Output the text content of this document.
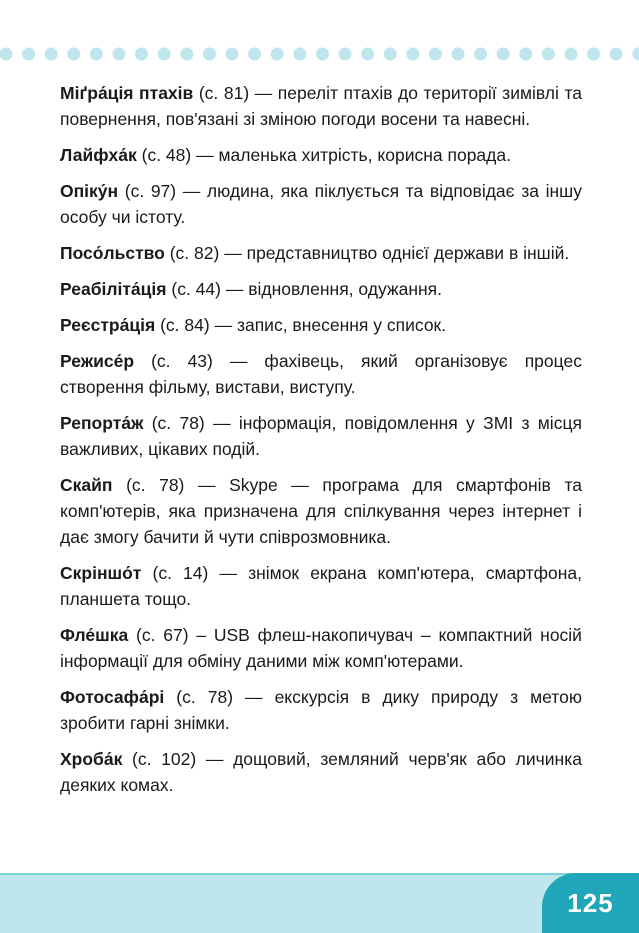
Міґра́ція птахів (с. 81) — переліт птахів до території зимівлі та повернення, пов'язані зі зміною погоди восени та навесні.
Лайфха́к (с. 48) — маленька хитрість, корисна порада.
Опіку́н (с. 97) — людина, яка піклується та відповідає за іншу особу чи істоту.
Посо́льство (с. 82) — представництво однієї держави в іншій.
Реабіліта́ція (с. 44) — відновлення, одужання.
Реєстра́ція (с. 84) — запис, внесення у список.
Режисе́р (с. 43) — фахівець, який організовує процес створення фільму, вистави, виступу.
Репорта́ж (с. 78) — інформація, повідомлення у ЗМІ з місця важливих, цікавих подій.
Скайп (с. 78) — Skype — програма для смартфонів та комп'ютерів, яка призначена для спілкування через інтернет і дає змогу бачити й чути співрозмовника.
Скріншо́т (с. 14) — знімок екрана комп'ютера, смартфона, планшета тощо.
Фле́шка (с. 67) – USB флеш-накопичувач – компактний носій інформації для обміну даними між комп'ютерами.
Фотосафа́рі (с. 78) — екскурсія в дику природу з метою зробити гарні знімки.
Хроба́к (с. 102) — дощовий, земляний черв'як або личинка деяких комах.
125
